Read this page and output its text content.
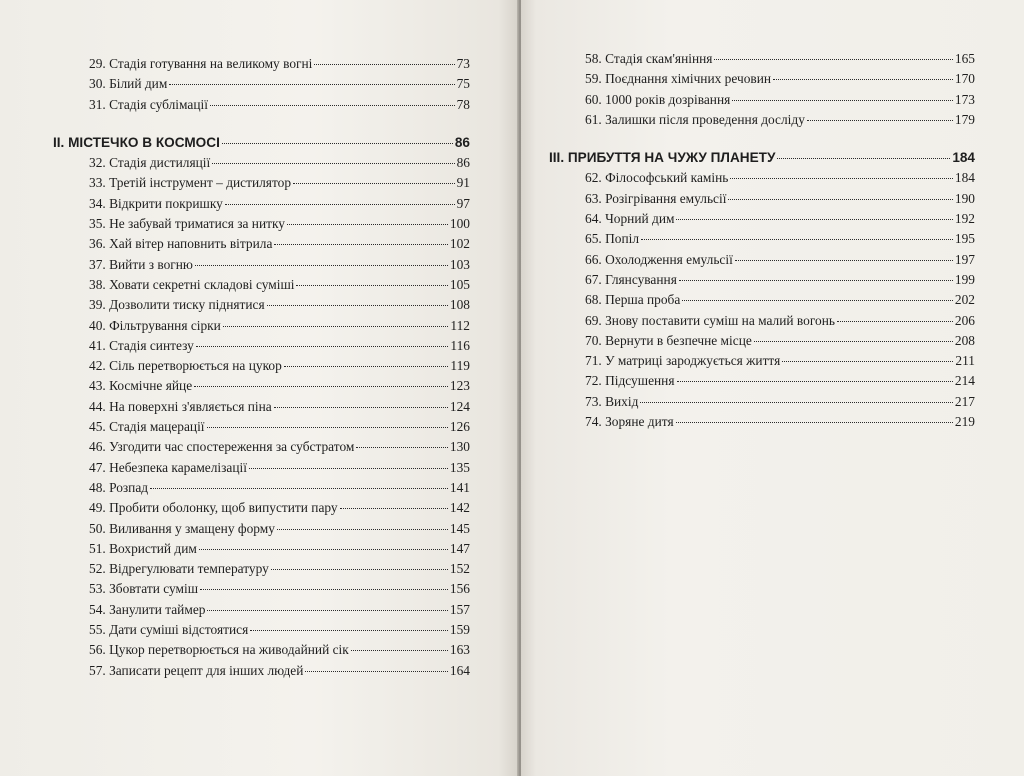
29. Стадія готування на великому вогні	73
30. Білий дим	75
31. Стадія сублімації	78
II. МІСТЕЧКО В КОСМОСІ	86
32. Стадія дистиляції	86
33. Третій інструмент – дистилятор	91
34. Відкрити покришку	97
35. Не забувай триматися за нитку	100
36. Хай вітер наповнить вітрила	102
37. Вийти з вогню	103
38. Ховати секретні складові суміші	105
39. Дозволити тиску піднятися	108
40. Фільтрування сірки	112
41. Стадія синтезу	116
42. Сіль перетворюється на цукор	119
43. Космічне яйце	123
44. На поверхні з'являється піна	124
45. Стадія мацерації	126
46. Узгодити час спостереження за субстратом	130
47. Небезпека карамелізації	135
48. Розпад	141
49. Пробити оболонку, щоб випустити пару	142
50. Виливання у змащену форму	145
51. Вохристий дим	147
52. Відрегулювати температуру	152
53. Збовтати суміш	156
54. Занулити таймер	157
55. Дати суміші відстоятися	159
56. Цукор перетворюється на живодайний сік	163
57. Записати рецепт для інших людей	164
58. Стадія скам'яніння	165
59. Поєднання хімічних речовин	170
60. 1000 років дозрівання	173
61. Залишки після проведення досліду	179
III. ПРИБУТТЯ НА ЧУЖУ ПЛАНЕТУ	184
62. Філософський камінь	184
63. Розігрівання емульсії	190
64. Чорний дим	192
65. Попіл	195
66. Охолодження емульсії	197
67. Глянсування	199
68. Перша проба	202
69. Знову поставити суміш на малий вогонь	206
70. Вернути в безпечне місце	208
71. У матриці зароджується життя	211
72. Підсушення	214
73. Вихід	217
74. Зоряне дитя	219
